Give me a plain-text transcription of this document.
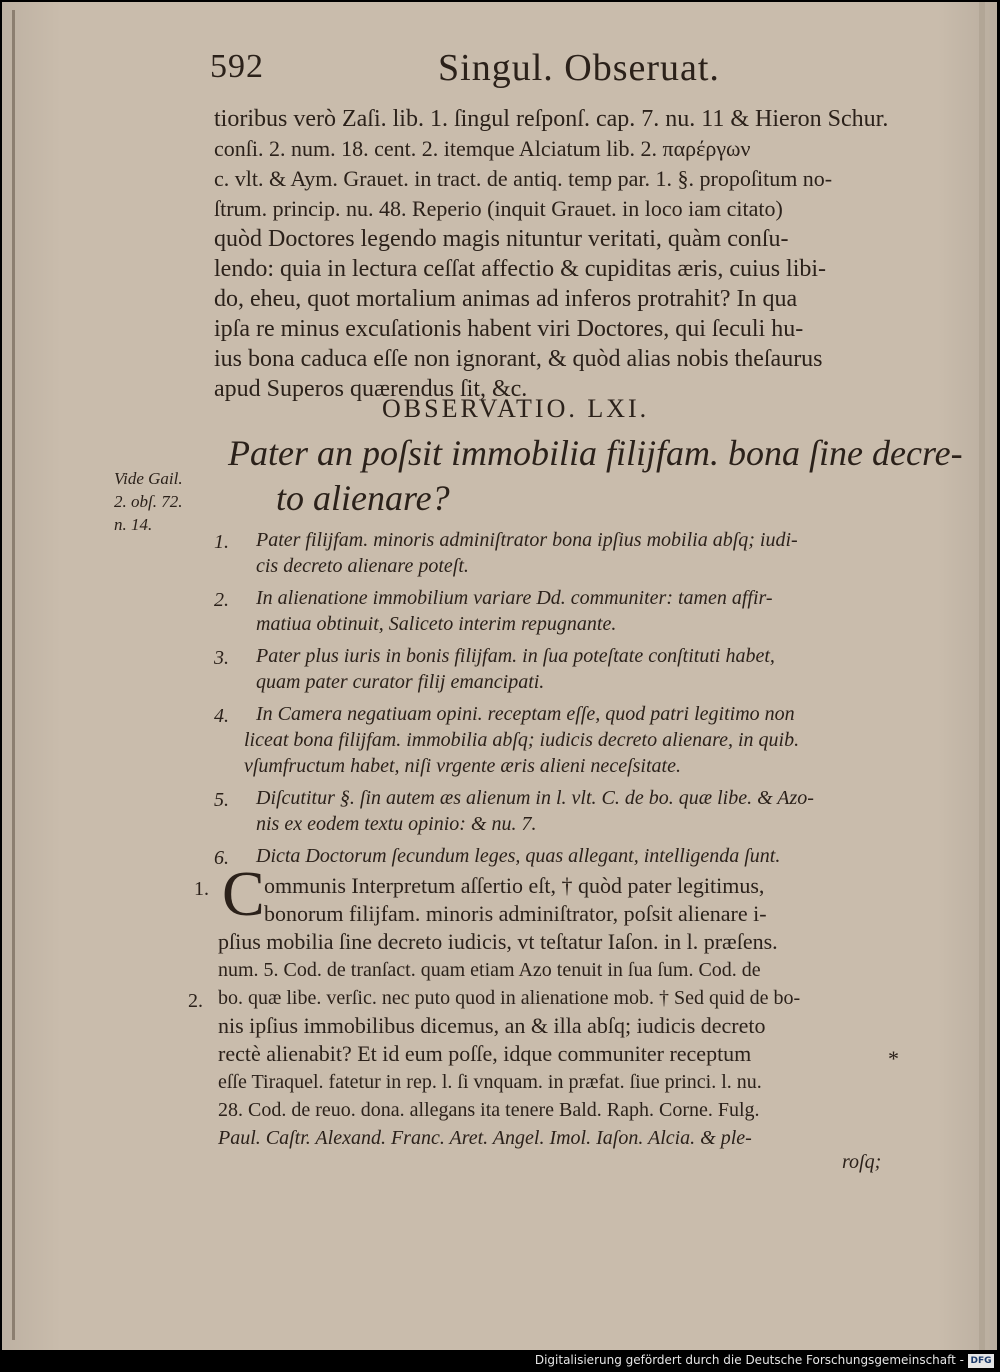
592	Singul. Obseruat.
tioribus verò Zaſi. lib. 1. ſingul reſponſ. cap. 7. nu. 11 & Hieron Schur.
conſi. 2. num. 18. cent. 2. itemque Alciatum lib. 2. παρέργων
c. vlt. & Aym. Grauet. in tract. de antiq. temp par. 1. §. propoſitum no-
ſtrum. princip. nu. 48. Reperio (inquit Grauet. in loco iam citato)
quòd Doctores legendo magis nituntur veritati, quàm conſu-
lendo: quia in lectura ceſſat affectio & cupiditas æris, cuius libi-
do, eheu, quot mortalium animas ad inferos protrahit? In qua
ipſa re minus excuſationis habent viri Doctores, qui ſeculi hu-
ius bona caduca eſſe non ignorant, & quòd alias nobis theſaurus
apud Superos quærendus ſit, &c.
OBSERVATIO. LXI.
Pater an poſsit immobilia filijfam. bona ſine decre-
to alienare?
Vide Gail.
2. obſ. 72.
n. 14.
1. Pater filijfam. minoris adminiſtrator bona ipſius mobilia abſq; iudi-
cis decreto alienare poteſt.
2. In alienatione immobilium variare Dd. communiter: tamen affir-
matiua obtinuit, Saliceto interim repugnante.
3. Pater plus iuris in bonis filijfam. in ſua poteſtate conſtituti habet,
quam pater curator filij emancipati.
4. In Camera negatiuam opini. receptam eſſe, quod patri legitimo non
liceat bona filijfam. immobilia abſq; iudicis decreto alienare, in quib.
vſumfructum habet, niſi vrgente æris alieni neceſsitate.
5. Diſcutitur §. ſin autem æs alienum in l. vlt. C. de bo. quæ libe. & Azo-
nis ex eodem textu opinio: & nu. 7.
6. Dicta Doctorum ſecundum leges, quas allegant, intelligenda ſunt.
C
1.	ommunis Interpretum aſſertio eſt, † quòd pater legitimus,
bonorum filijfam. minoris adminiſtrator, poſsit alienare i-
pſius mobilia ſine decreto iudicis, vt teſtatur Iaſon. in l. præſens.
num. 5. Cod. de tranſact. quam etiam Azo tenuit in ſua ſum. Cod. de
2. bo. quæ libe. verſic. nec puto quod in alienatione mob. † Sed quid de bo-
nis ipſius immobilibus dicemus, an & illa abſq; iudicis decreto
rectè alienabit? Et id eum poſſe, idque communiter receptum
eſſe Tiraquel. fatetur in rep. l. ſi vnquam. in præfat. ſiue princi. l. nu.
28. Cod. de reuo. dona. allegans ita tenere Bald. Raph. Corne. Fulg.
Paul. Caſtr. Alexand. Franc. Aret. Angel. Imol. Iaſon. Alcia. & ple-
roſq;
*
Digitalisierung gefördert durch die Deutsche Forschungsgemeinschaft - DFG
